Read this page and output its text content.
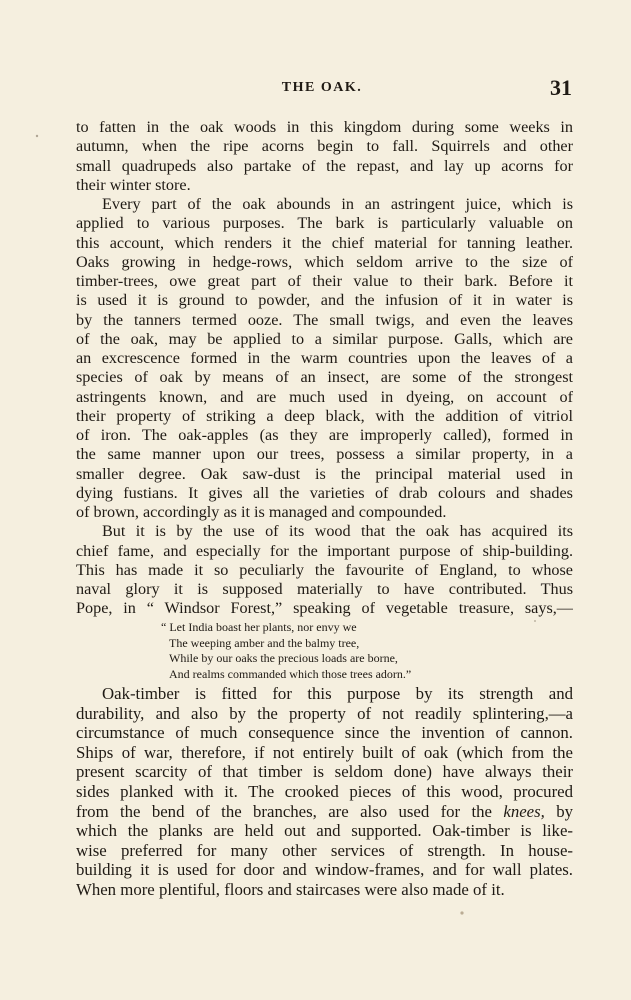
THE OAK.	31
to fatten in the oak woods in this kingdom during some weeks in
autumn, when the ripe acorns begin to fall. Squirrels and other
small quadrupeds also partake of the repast, and lay up acorns for
their winter store.
Every part of the oak abounds in an astringent juice, which is
applied to various purposes. The bark is particularly valuable on
this account, which renders it the chief material for tanning leather.
Oaks growing in hedge-rows, which seldom arrive to the size of
timber-trees, owe great part of their value to their bark. Before it
is used it is ground to powder, and the infusion of it in water is
by the tanners termed ooze. The small twigs, and even the leaves
of the oak, may be applied to a similar purpose. Galls, which are
an excrescence formed in the warm countries upon the leaves of a
species of oak by means of an insect, are some of the strongest
astringents known, and are much used in dyeing, on account of
their property of striking a deep black, with the addition of vitriol
of iron. The oak-apples (as they are improperly called), formed in
the same manner upon our trees, possess a similar property, in a
smaller degree. Oak saw-dust is the principal material used in
dying fustians. It gives all the varieties of drab colours and shades
of brown, accordingly as it is managed and compounded.
But it is by the use of its wood that the oak has acquired its
chief fame, and especially for the important purpose of ship-building.
This has made it so peculiarly the favourite of England, to whose
naval glory it is supposed materially to have contributed. Thus
Pope, in “ Windsor Forest,” speaking of vegetable treasure, says,—
“ Let India boast her plants, nor envy we
The weeping amber and the balmy tree,
While by our oaks the precious loads are borne,
And realms commanded which those trees adorn.”
Oak-timber is fitted for this purpose by its strength and
durability, and also by the property of not readily splintering,—a
circumstance of much consequence since the invention of cannon.
Ships of war, therefore, if not entirely built of oak (which from the
present scarcity of that timber is seldom done) have always their
sides planked with it. The crooked pieces of this wood, procured
from the bend of the branches, are also used for the knees, by
which the planks are held out and supported. Oak-timber is like-
wise preferred for many other services of strength. In house-
building it is used for door and window-frames, and for wall plates.
When more plentiful, floors and staircases were also made of it.
